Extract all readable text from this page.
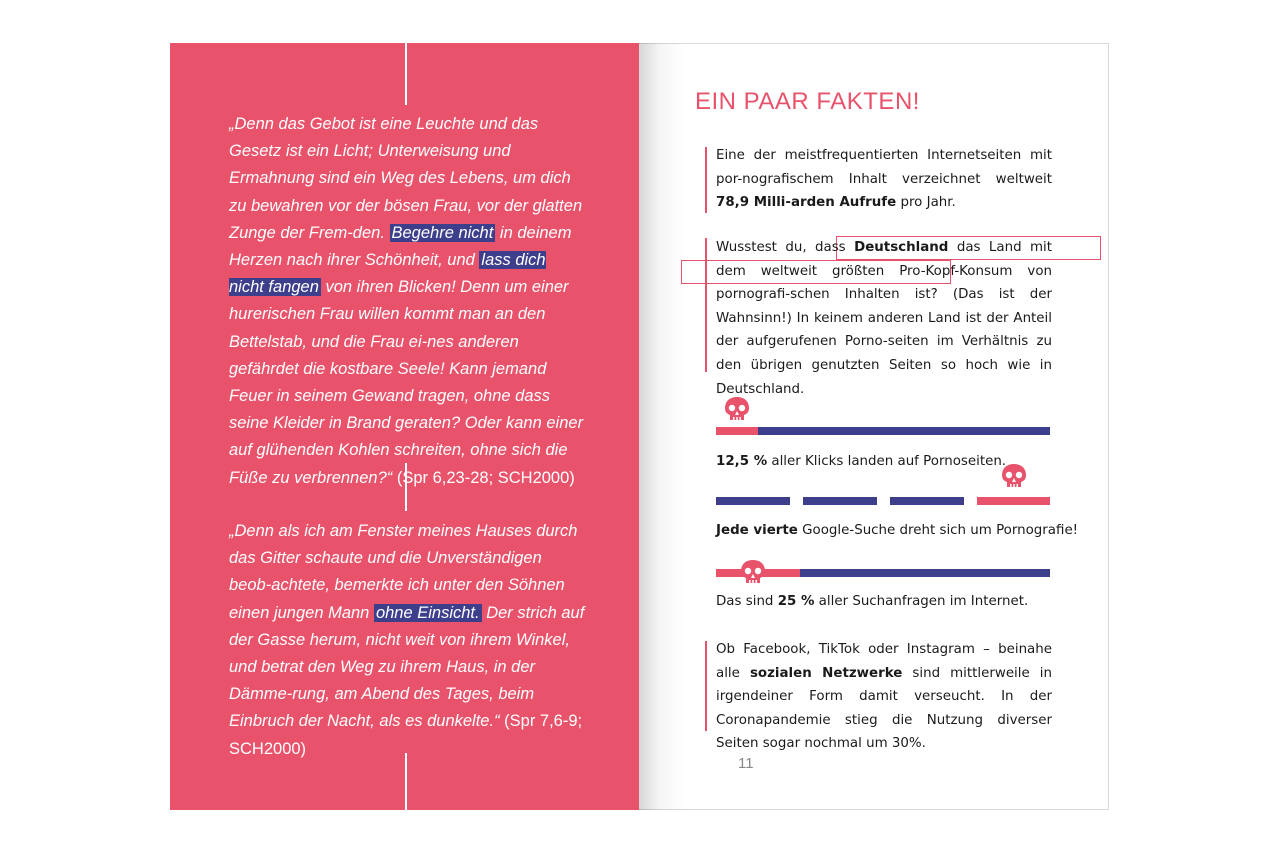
„Denn das Gebot ist eine Leuchte und das Gesetz ist ein Licht; Unterweisung und Ermahnung sind ein Weg des Lebens, um dich zu bewahren vor der bösen Frau, vor der glatten Zunge der Frem-den. Begehre nicht in deinem Herzen nach ihrer Schönheit, und lass dich nicht fangen von ihren Blicken! Denn um einer hurerischen Frau willen kommt man an den Bettelstab, und die Frau ei-nes anderen gefährdet die kostbare Seele! Kann jemand Feuer in seinem Gewand tragen, ohne dass seine Kleider in Brand geraten? Oder kann einer auf glühenden Kohlen schreiten, ohne sich die Füße zu verbrennen?“ (Spr 6,23-28; SCH2000)
„Denn als ich am Fenster meines Hauses durch das Gitter schaute und die Unverständigen beob-achtete, bemerkte ich unter den Söhnen einen jungen Mann ohne Einsicht. Der strich auf der Gasse herum, nicht weit von ihrem Winkel, und betrat den Weg zu ihrem Haus, in der Dämme-rung, am Abend des Tages, beim Einbruch der Nacht, als es dunkelte.“ (Spr 7,6-9; SCH2000)
EIN PAAR FAKTEN!
Eine der meistfrequentierten Internetseiten mit por-nografischem Inhalt verzeichnet weltweit 78,9 Milli-arden Aufrufe pro Jahr.
Wusstest du, dass Deutschland das Land mit dem weltweit größten Pro-Kopf-Konsum von pornografi-schen Inhalten ist? (Das ist der Wahnsinn!) In keinem anderen Land ist der Anteil der aufgerufenen Porno-seiten im Verhältnis zu den übrigen genutzten Seiten so hoch wie in Deutschland.
12,5 % aller Klicks landen auf Pornoseiten.
Jede vierte Google-Suche dreht sich um Pornografie!
Das sind 25 % aller Suchanfragen im Internet.
Ob Facebook, TikTok oder Instagram – beinahe alle sozialen Netzwerke sind mittlerweile in irgendeiner Form damit verseucht. In der Coronapandemie stieg die Nutzung diverser Seiten sogar nochmal um 30%.
11
